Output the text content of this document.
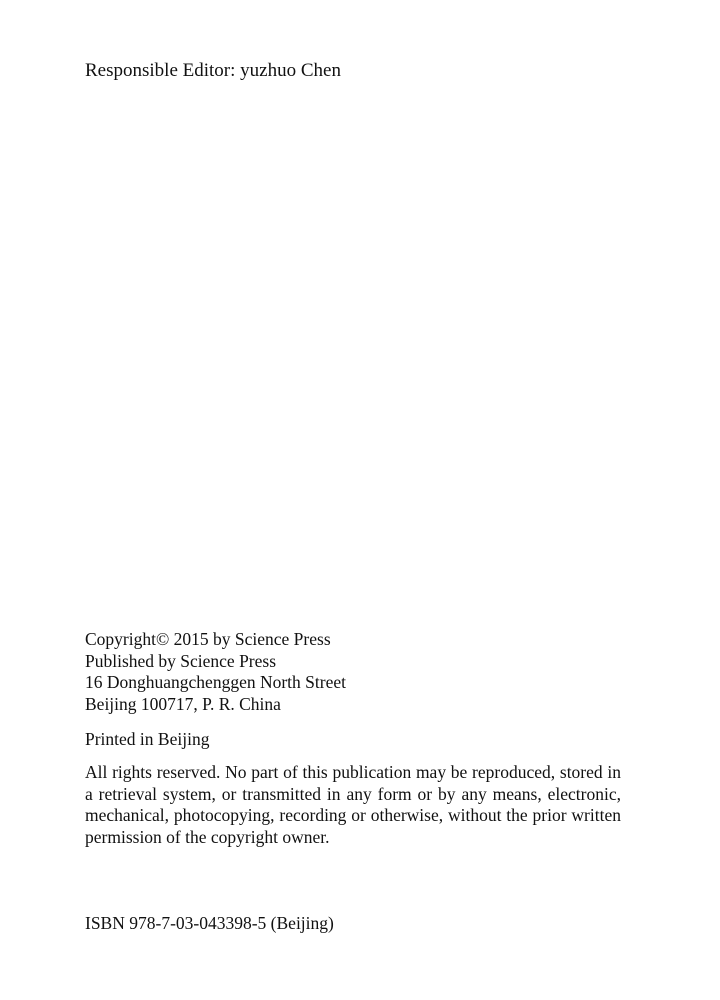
Responsible Editor: yuzhuo Chen
Copyright© 2015 by Science Press
Published by Science Press
16 Donghuangchenggen North Street
Beijing 100717, P. R. China
Printed in Beijing
All rights reserved. No part of this publication may be reproduced, stored in a retrieval system, or transmitted in any form or by any means, electronic, mechanical, photocopying, recording or otherwise, without the prior written permission of the copyright owner.
ISBN 978-7-03-043398-5 (Beijing)
